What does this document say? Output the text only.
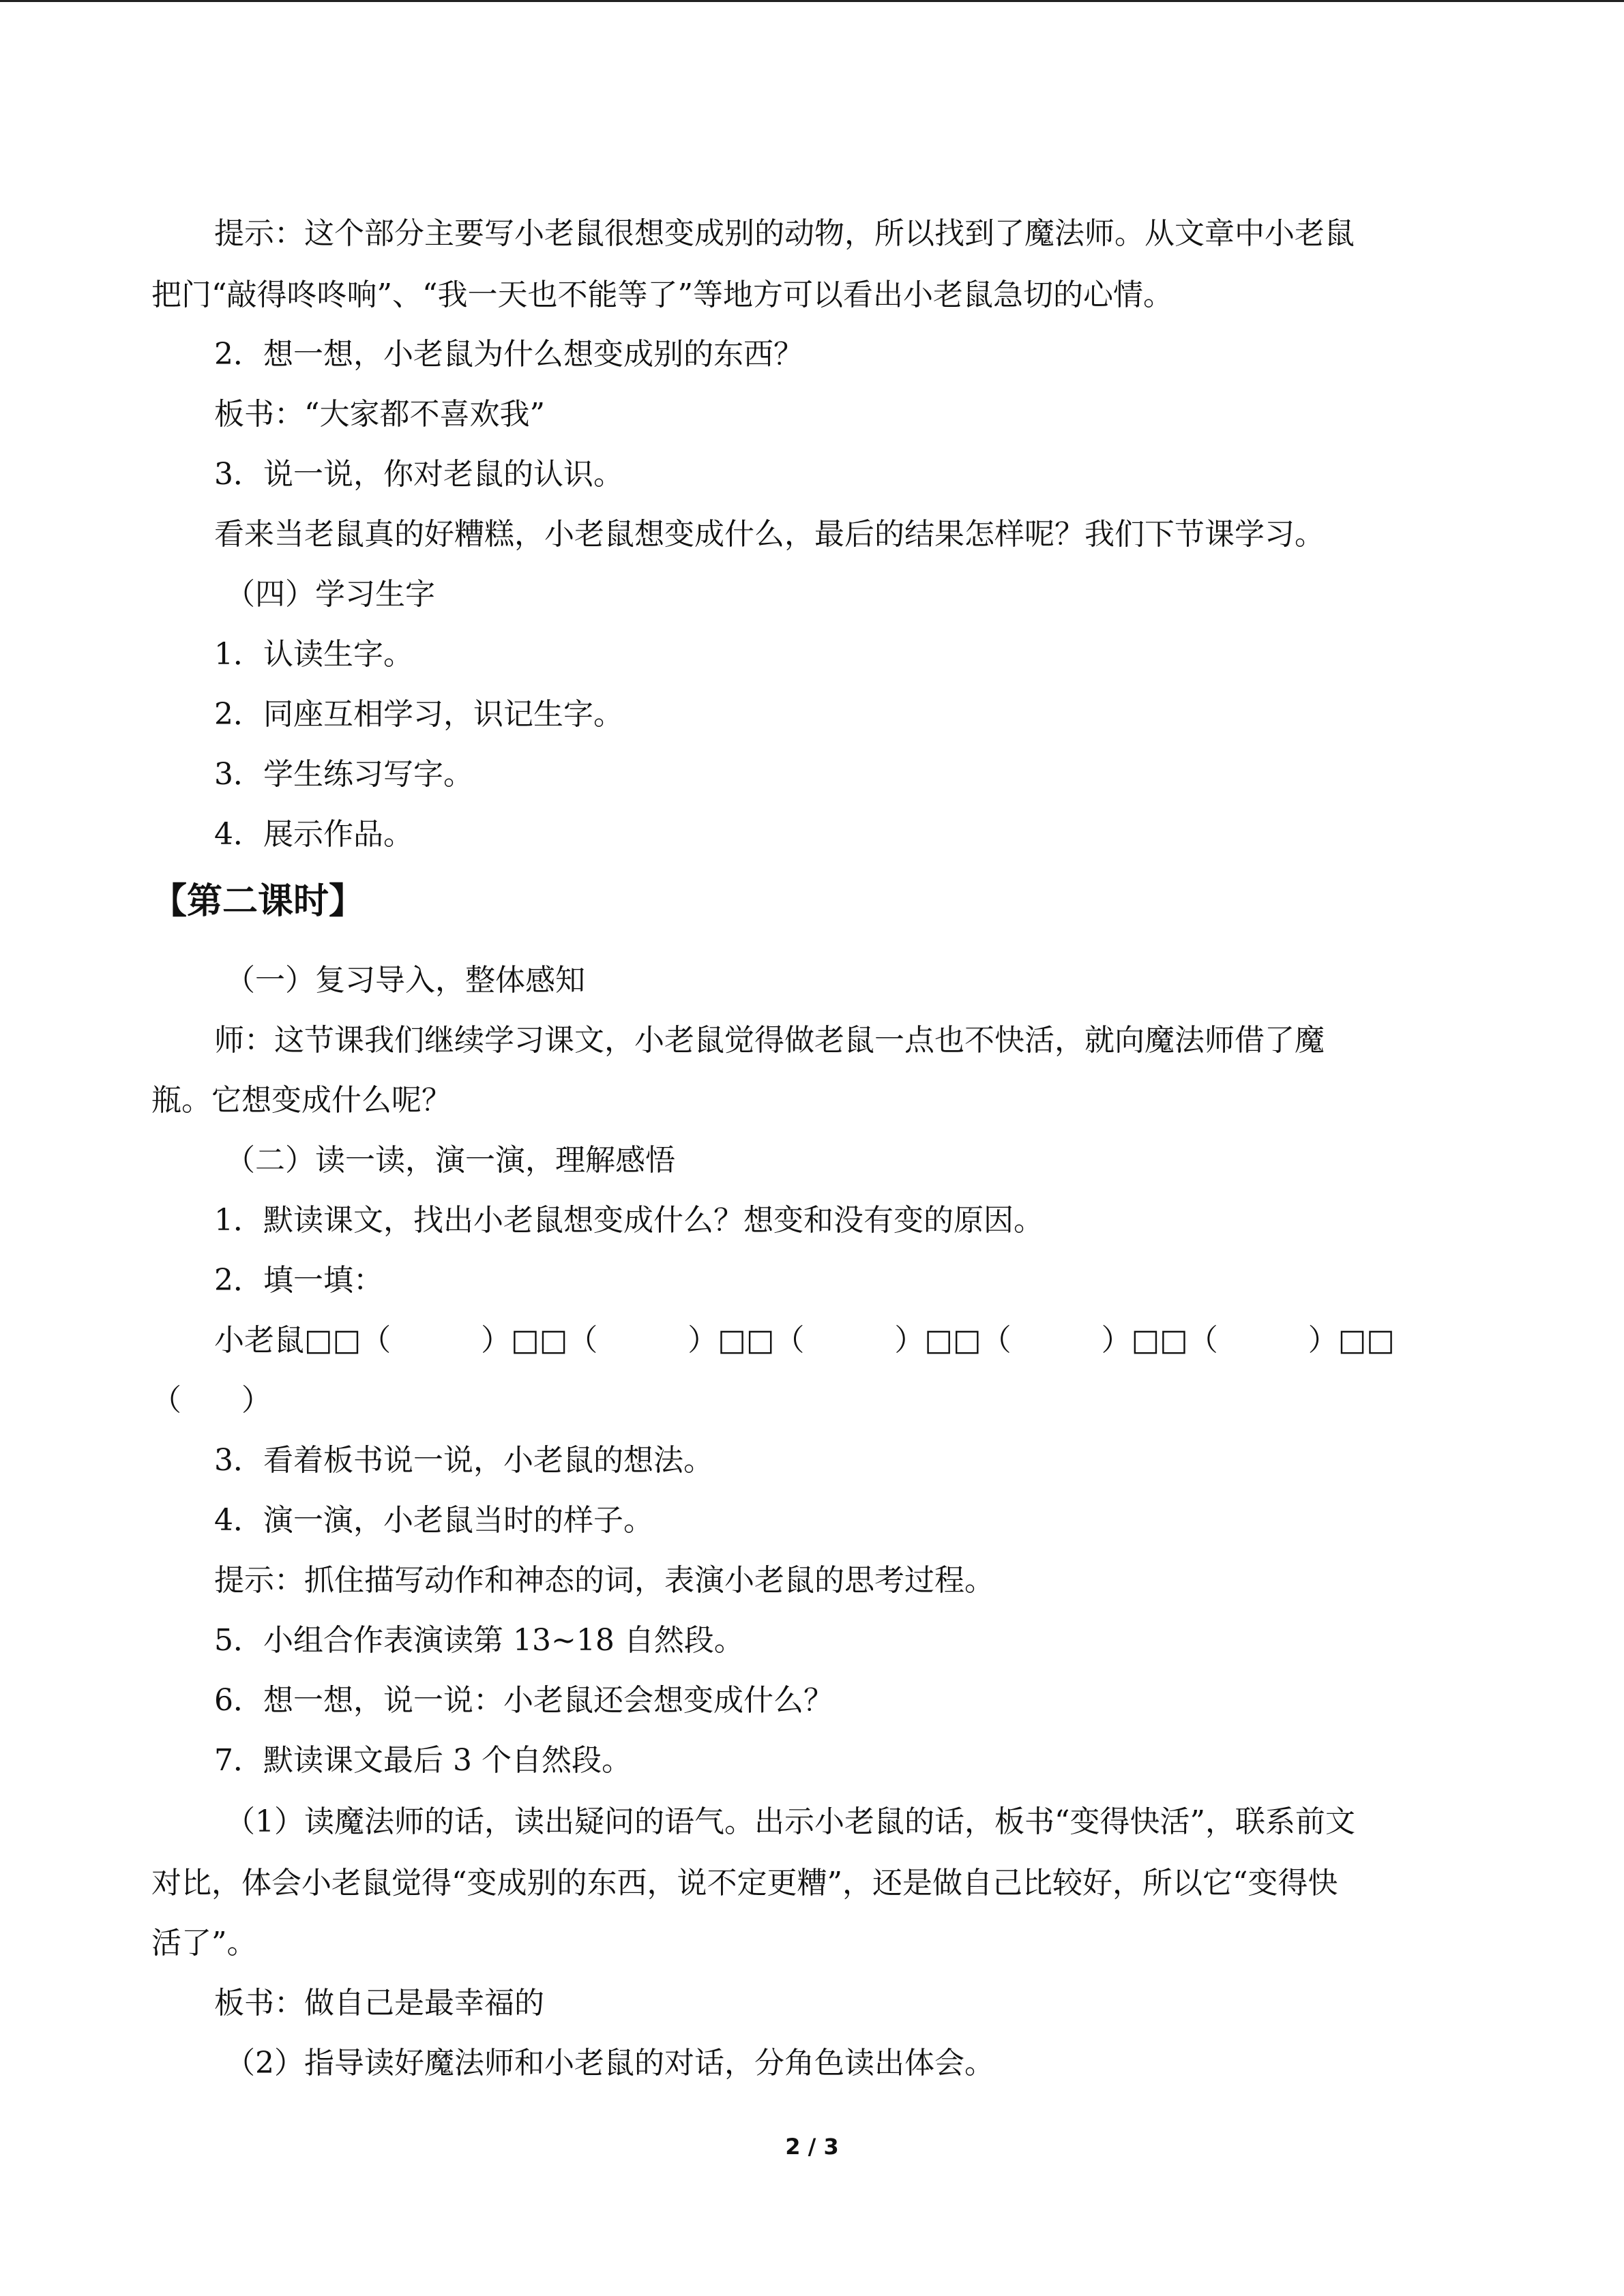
提示：这个部分主要写小老鼠很想变成别的动物，所以找到了魔法师。从文章中小老鼠
把门“敲得咚咚响”、“我一天也不能等了”等地方可以看出小老鼠急切的心情。
2．想一想，小老鼠为什么想变成别的东西？
板书：“大家都不喜欢我”
3．说一说，你对老鼠的认识。
看来当老鼠真的好糟糕，小老鼠想变成什么，最后的结果怎样呢？我们下节课学习。
（四）学习生字
1．认读生字。
2．同座互相学习，识记生字。
3．学生练习写字。
4．展示作品。
【第二课时】
（一）复习导入，整体感知
师：这节课我们继续学习课文，小老鼠觉得做老鼠一点也不快活，就向魔法师借了魔
瓶。它想变成什么呢？
（二）读一读，演一演，理解感悟
1．默读课文，找出小老鼠想变成什么？想变和没有变的原因。
2．填一填：
小老鼠□□（　　　）□□（　　　）□□（　　　）□□（　　　）□□（　　　）□□
（　　）
3．看着板书说一说，小老鼠的想法。
4．演一演，小老鼠当时的样子。
提示：抓住描写动作和神态的词，表演小老鼠的思考过程。
5．小组合作表演读第 13~18 自然段。
6．想一想，说一说：小老鼠还会想变成什么？
7．默读课文最后 3 个自然段。
（1）读魔法师的话，读出疑问的语气。出示小老鼠的话，板书“变得快活”，联系前文
对比，体会小老鼠觉得“变成别的东西，说不定更糟”，还是做自己比较好，所以它“变得快
活了”。
板书：做自己是最幸福的
（2）指导读好魔法师和小老鼠的对话，分角色读出体会。
2 / 3
